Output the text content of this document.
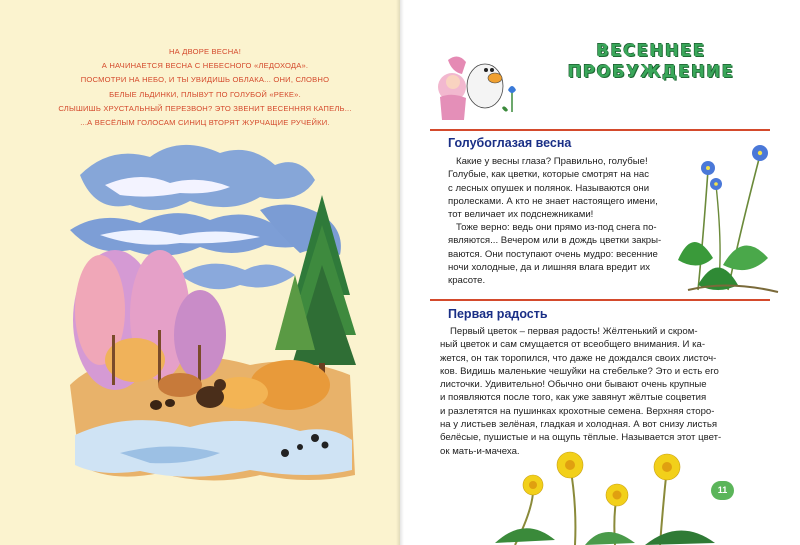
НА ДВОРЕ ВЕСНА!
А НАЧИНАЕТСЯ ВЕСНА С НЕБЕСНОГО «ЛЕДОХОДА».
ПОСМОТРИ НА НЕБО, И ТЫ УВИДИШЬ ОБЛАКА... ОНИ, СЛОВНО
БЕЛЫЕ ЛЬДИНКИ, ПЛЫВУТ ПО ГОЛУБОЙ «РЕКЕ».
СЛЫШИШЬ ХРУСТАЛЬНЫЙ ПЕРЕЗВОН? ЭТО ЗВЕНИТ ВЕСЕННЯЯ КАПЕЛЬ...
...А ВЕСЁЛЫМ ГОЛОСАМ СИНИЦ ВТОРЯТ ЖУРЧАЩИЕ РУЧЕЙКИ.
ВЕСЕННЕЕ
ПРОБУЖДЕНИЕ
Голубоглазая весна

Какие у весны глаза? Правильно, голубые!

Голубые, как цветки, которые смотрят на нас

с лесных опушек и полянок. Называются они

пролесками. А кто не знает настоящего имени,

тот величает их подснежниками!

Тоже верно: ведь они прямо из-под снега по-

являются... Вечером или в дождь цветки закры-

ваются. Они поступают очень мудро: весенние

ночи холодные, да и лишняя влага вредит их

красоте.

Первая радость

Первый цветок – первая радость! Жёлтенький и скром-

ный цветок и сам смущается от всеобщего внимания. И ка-

жется, он так торопился, что даже не дождался своих листоч-

ков. Видишь маленькие чешуйки на стебельке? Это и есть его

листочки. Удивительно! Обычно они бывают очень крупные

и появляются после того, как уже завянут жёлтые соцветия

и разлетятся на пушинках крохотные семена. Верхняя сторо-

на у листьев зелёная, гладкая и холодная. А вот снизу листья

белёсые, пушистые и на ощупь тёплые. Называется этот цвет-

ок мать-и-мачеха.

11
